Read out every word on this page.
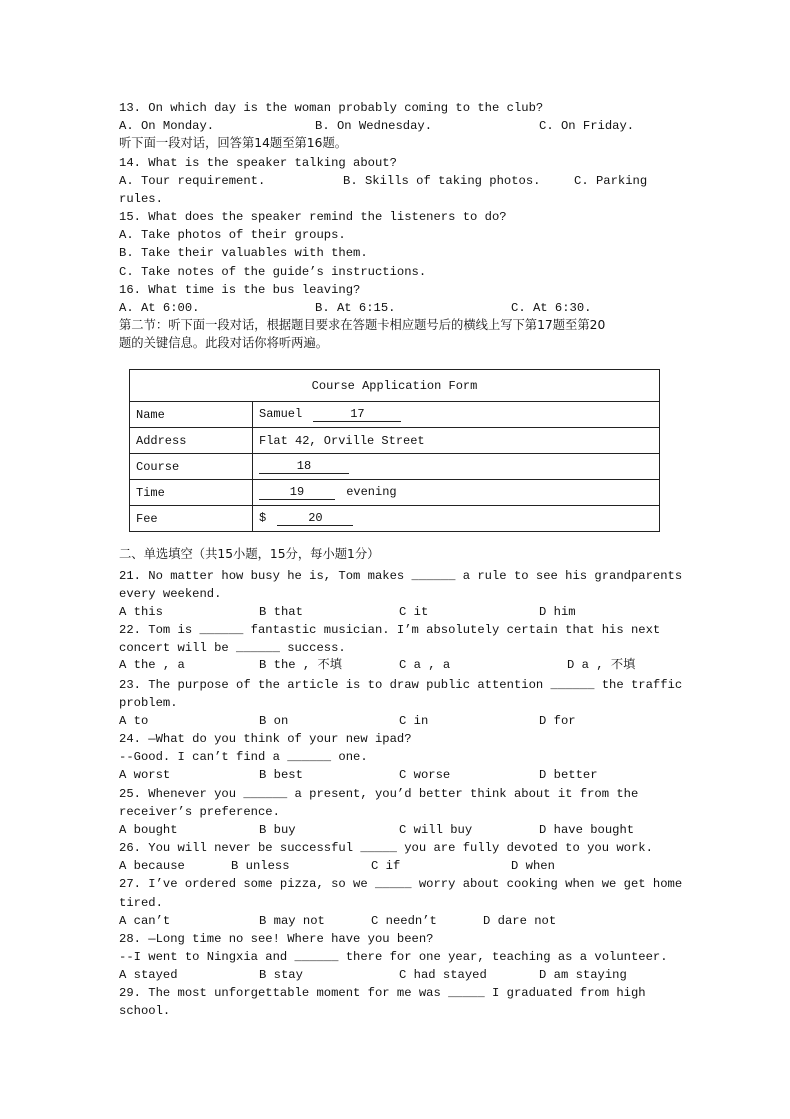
13. On which day is the woman probably coming to the club?
A. On Monday.	B. On Wednesday.	C. On Friday.
听下面一段对话，回答第14题至第16题。
14. What is the speaker talking about?
A. Tour requirement.	B. Skills of taking photos.	C. Parking
rules.
15. What does the speaker remind the listeners to do?
A. Take photos of their groups.
B. Take their valuables with them.
C. Take notes of the guide’s instructions.
16. What time is the bus leaving?
A. At 6:00.	B. At 6:15.	C. At 6:30.
第二节：听下面一段对话，根据题目要求在答题卡相应题号后的横线上写下第17题至第20
题的关键信息。此段对话你将听两遍。
Course Application Form	
Name	Samuel 17
Address	Flat 42, Orville Street
Course	18
Time	19 evening
Fee	$ 20
二、单选填空（共15小题，15分，每小题1分）
21. No matter how busy he is, Tom makes ______ a rule to see his grandparents
every weekend.
A this	B that	C it	D him
22. Tom is ______ fantastic musician. I’m absolutely certain that his next
concert will be ______ success.
A the , a	B the , 不填	C a , a	D a , 不填
23. The purpose of the article is to draw public attention ______ the traffic
problem.
A to	B on	C in	D for
24. —What do you think of your new ipad?
--Good. I can’t find a ______ one.
A worst	B best	C worse	D better
25. Whenever you ______ a present, you’d better think about it from the
receiver’s preference.
A bought	B buy	C will buy	D have bought
26. You will never be successful _____ you are fully devoted to you work.
A because	B unless	C if	D when
27. I’ve ordered some pizza, so we _____ worry about cooking when we get home
tired.
A can’t	B may not	C needn’t	D dare not
28. —Long time no see! Where have you been?
--I went to Ningxia and ______ there for one year, teaching as a volunteer.
A stayed	B stay	C had stayed	D am staying
29. The most unforgettable moment for me was _____ I graduated from high
school.
